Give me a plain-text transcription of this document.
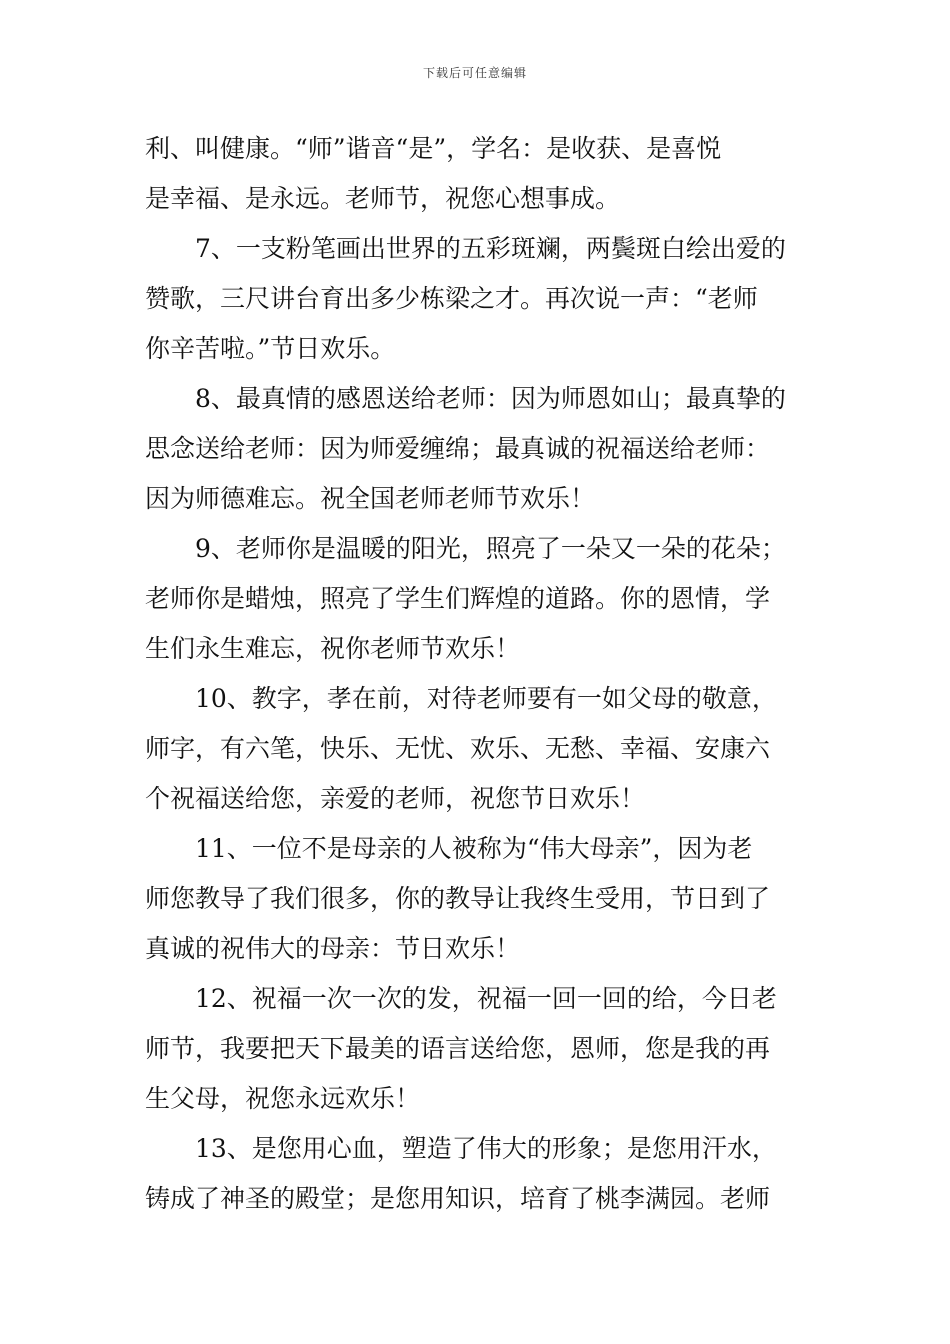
下载后可任意编辑
利、叫健康。“师”谐音“是”，学名：是收获、是喜悦
是幸福、是永远。老师节，祝您心想事成。
7、一支粉笔画出世界的五彩斑斓，两鬓斑白绘出爱的
赞歌，三尺讲台育出多少栋梁之才。再次说一声：“老师
你辛苦啦。”节日欢乐。
8、最真情的感恩送给老师：因为师恩如山；最真挚的
思念送给老师：因为师爱缠绵；最真诚的祝福送给老师：
因为师德难忘。祝全国老师老师节欢乐！
9、老师你是温暖的阳光，照亮了一朵又一朵的花朵；
老师你是蜡烛，照亮了学生们辉煌的道路。你的恩情，学
生们永生难忘，祝你老师节欢乐！
10、教字，孝在前，对待老师要有一如父母的敬意，
师字，有六笔，快乐、无忧、欢乐、无愁、幸福、安康六
个祝福送给您，亲爱的老师，祝您节日欢乐！
11、一位不是母亲的人被称为“伟大母亲”，因为老
师您教导了我们很多，你的教导让我终生受用，节日到了
真诚的祝伟大的母亲：节日欢乐！
12、祝福一次一次的发，祝福一回一回的给，今日老
师节，我要把天下最美的语言送给您，恩师，您是我的再
生父母，祝您永远欢乐！
13、是您用心血，塑造了伟大的形象；是您用汗水，
铸成了神圣的殿堂；是您用知识，培育了桃李满园。老师
